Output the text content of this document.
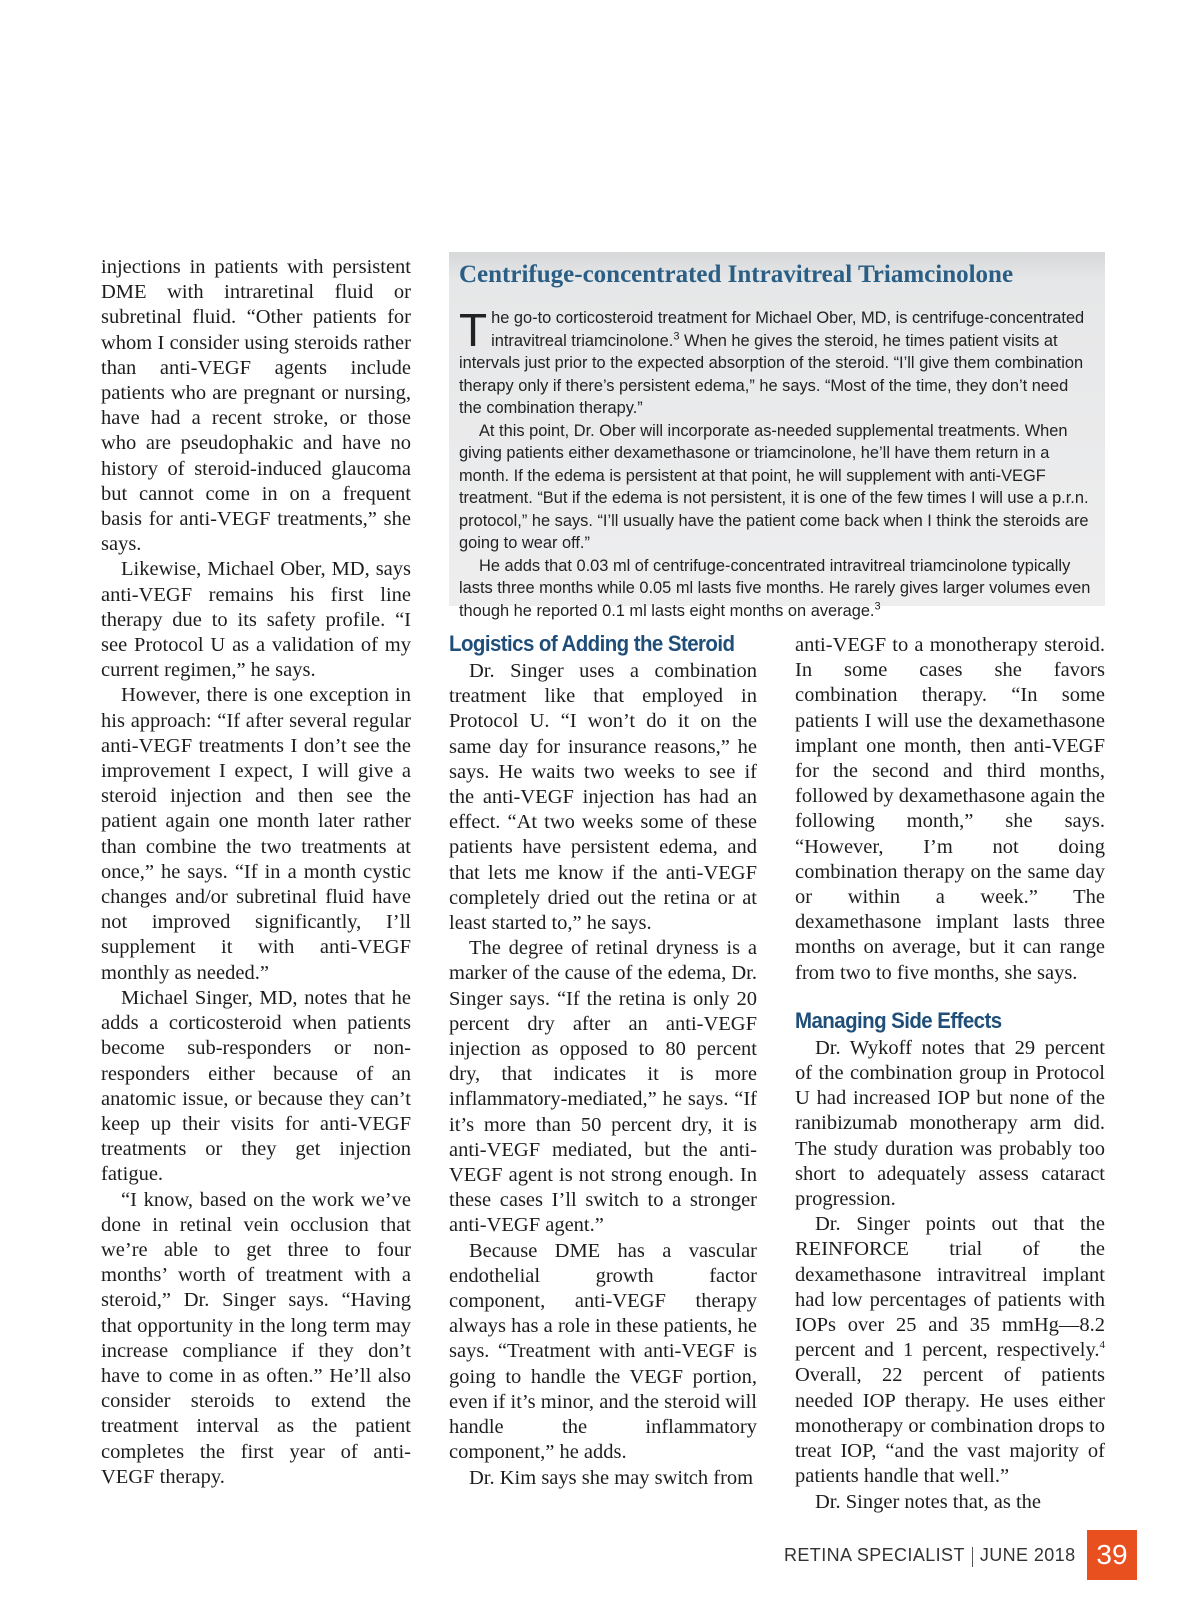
injections in patients with persistent DME with intraretinal fluid or subretinal fluid. “Other patients for whom I consider using steroids rather than anti-VEGF agents include patients who are pregnant or nursing, have had a recent stroke, or those who are pseudophakic and have no history of steroid-induced glaucoma but cannot come in on a frequent basis for anti-VEGF treatments,” she says.

Likewise, Michael Ober, MD, says anti-VEGF remains his first line therapy due to its safety profile. “I see Protocol U as a validation of my current regimen,” he says.

However, there is one exception in his approach: “If after several regular anti-VEGF treatments I don’t see the improvement I expect, I will give a steroid injection and then see the patient again one month later rather than combine the two treatments at once,” he says. “If in a month cystic changes and/or subretinal fluid have not improved significantly, I’ll supplement it with anti-VEGF monthly as needed.”

Michael Singer, MD, notes that he adds a corticosteroid when patients become sub-responders or non-responders either because of an anatomic issue, or because they can’t keep up their visits for anti-VEGF treatments or they get injection fatigue.

“I know, based on the work we’ve done in retinal vein occlusion that we’re able to get three to four months’ worth of treatment with a steroid,” Dr. Singer says. “Having that opportunity in the long term may increase compliance if they don’t have to come in as often.” He’ll also consider steroids to extend the treatment interval as the patient completes the first year of anti-VEGF therapy.

Centrifuge-concentrated Intravitreal Triamcinolone

The go-to corticosteroid treatment for Michael Ober, MD, is centrifuge-concentrated intravitreal triamcinolone.$^3$ When he gives the steroid, he times patient visits at intervals just prior to the expected absorption of the steroid. “I’ll give them combination therapy only if there’s persistent edema,” he says. “Most of the time, they don’t need the combination therapy.”

At this point, Dr. Ober will incorporate as-needed supplemental treatments. When giving patients either dexamethasone or triamcinolone, he’ll have them return in a month. If the edema is persistent at that point, he will supplement with anti-VEGF treatment. “But if the edema is not persistent, it is one of the few times I will use a p.r.n. protocol,” he says. “I’ll usually have the patient come back when I think the steroids are going to wear off.”

He adds that 0.03 ml of centrifuge-concentrated intravitreal triamcinolone typically lasts three months while 0.05 ml lasts five months. He rarely gives larger volumes even though he reported 0.1 ml lasts eight months on average.$^3$

Logistics of Adding the Steroid

Dr. Singer uses a combination treatment like that employed in Protocol U. “I won’t do it on the same day for insurance reasons,” he says. He waits two weeks to see if the anti-VEGF injection has had an effect. “At two weeks some of these patients have persistent edema, and that lets me know if the anti-VEGF completely dried out the retina or at least started to,” he says.

The degree of retinal dryness is a marker of the cause of the edema, Dr. Singer says. “If the retina is only 20 percent dry after an anti-VEGF injection as opposed to 80 percent dry, that indicates it is more inflammatory-mediated,” he says. “If it’s more than 50 percent dry, it is anti-VEGF mediated, but the anti-VEGF agent is not strong enough. In these cases I’ll switch to a stronger anti-VEGF agent.”

Because DME has a vascular endothelial growth factor component, anti-VEGF therapy always has a role in these patients, he says. “Treatment with anti-VEGF is going to handle the VEGF portion, even if it’s minor, and the steroid will handle the inflammatory component,” he adds.

Dr. Kim says she may switch from

anti-VEGF to a monotherapy steroid. In some cases she favors combination therapy. “In some patients I will use the dexamethasone implant one month, then anti-VEGF for the second and third months, followed by dexamethasone again the following month,” she says. “However, I’m not doing combination therapy on the same day or within a week.” The dexamethasone implant lasts three months on average, but it can range from two to five months, she says.

Managing Side Effects

Dr. Wykoff notes that 29 percent of the combination group in Protocol U had increased IOP but none of the ranibizumab monotherapy arm did. The study duration was probably too short to adequately assess cataract progression.

Dr. Singer points out that the REINFORCE trial of the dexamethasone intravitreal implant had low percentages of patients with IOPs over 25 and 35 mmHg—8.2 percent and 1 percent, respectively.$^4$ Overall, 22 percent of patients needed IOP therapy. He uses either monotherapy or combination drops to treat IOP, “and the vast majority of patients handle that well.”

Dr. Singer notes that, as the

RETINA SPECIALIST JUNE 2018 39
